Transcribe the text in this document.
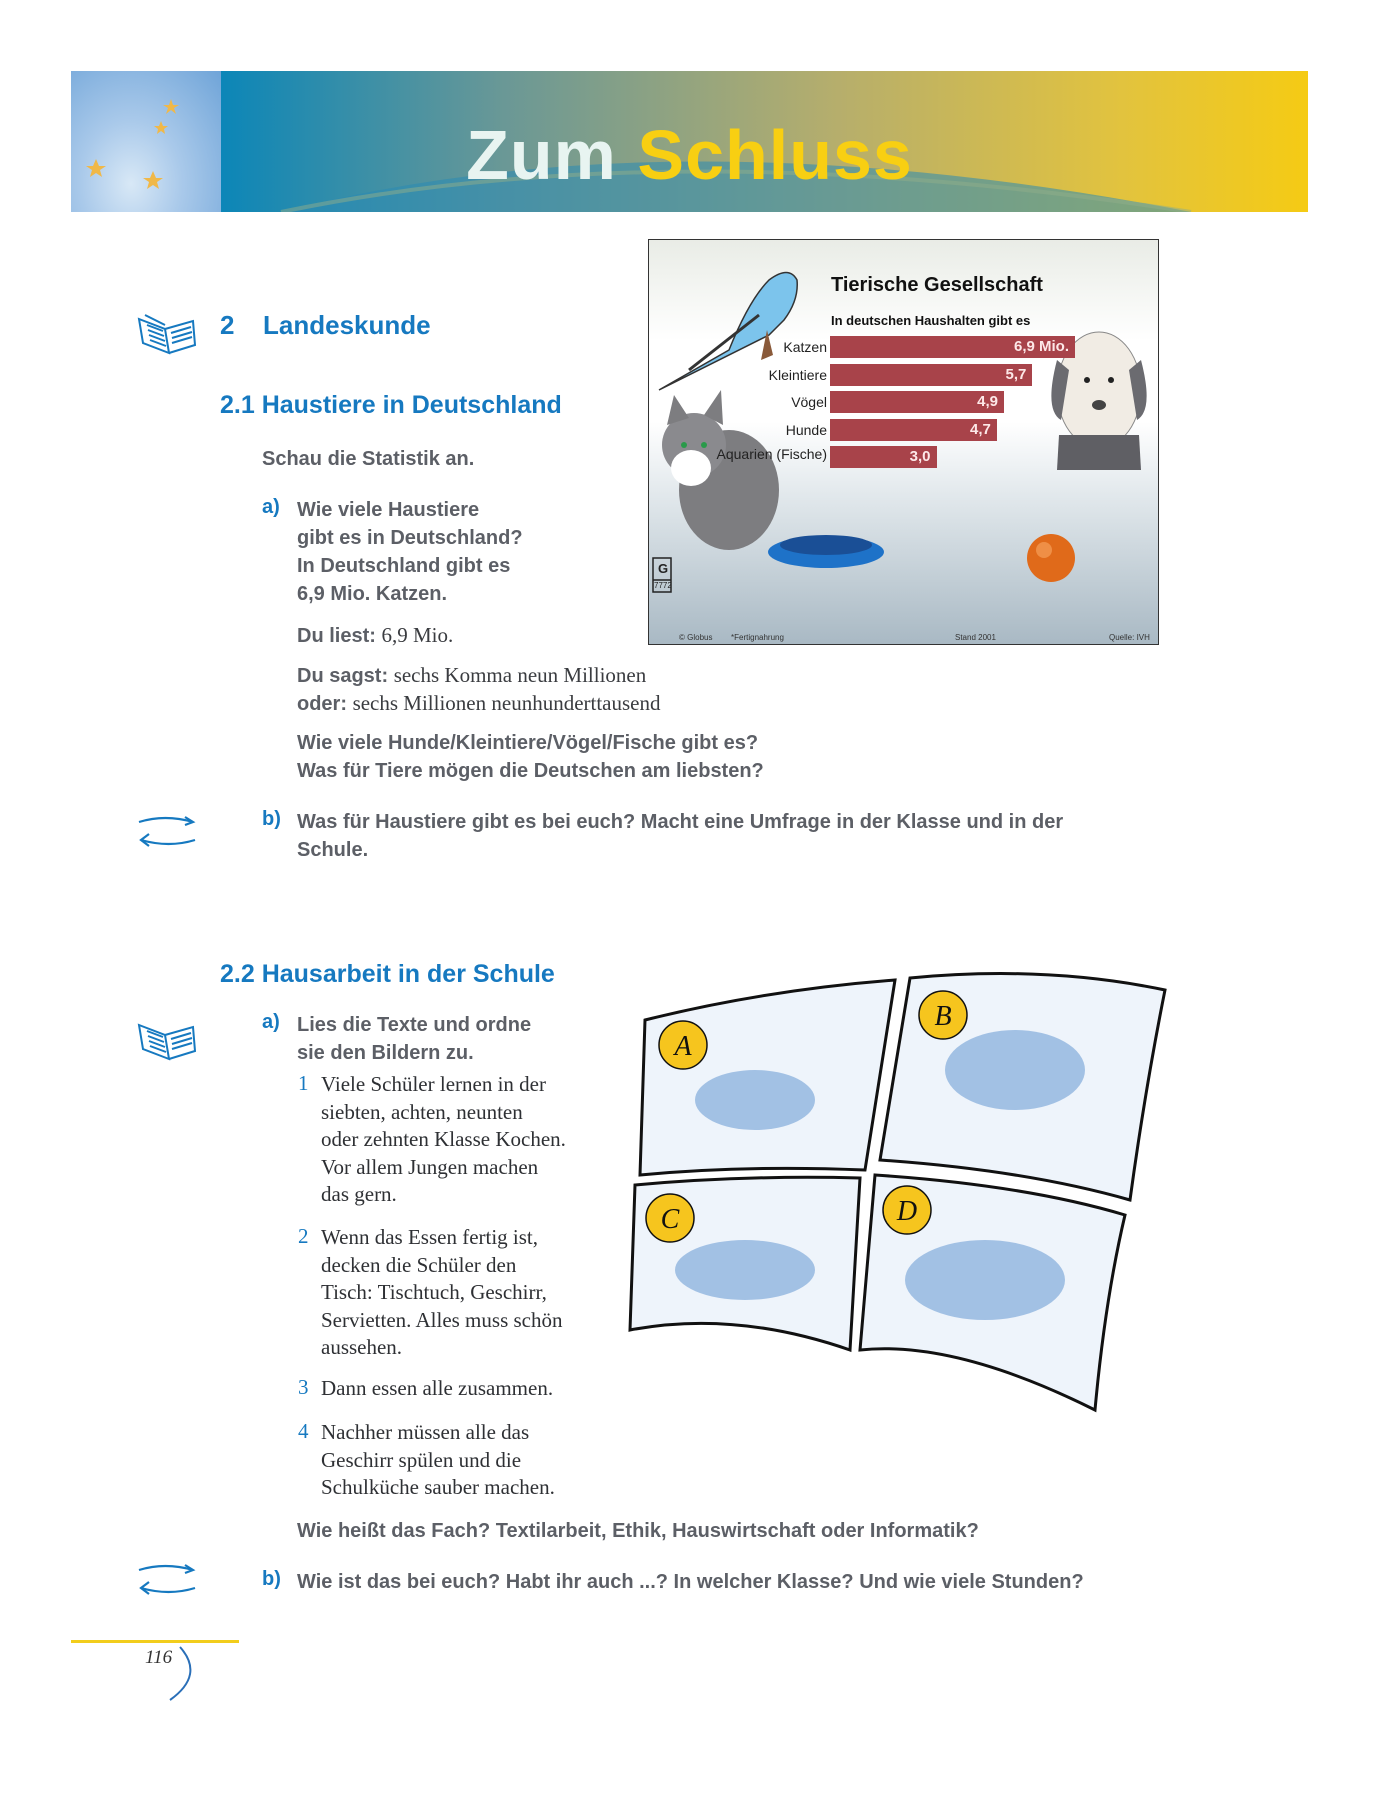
Zum Schluss
2 Landeskunde
2.1 Haustiere in Deutschland
Schau die Statistik an.
a) Wie viele Haustiere
gibt es in Deutschland?
In Deutschland gibt es
6,9 Mio. Katzen.
Du liest: 6,9 Mio.
Du sagst: sechs Komma neun Millionen
oder: sechs Millionen neunhunderttausend
Wie viele Hunde/Kleintiere/Vögel/Fische gibt es?
Was für Tiere mögen die Deutschen am liebsten?
b) Was für Haustiere gibt es bei euch? Macht eine Umfrage in der Klasse und in der
Schule.
G
7772
Tierische Gesellschaft
In deutschen Haushalten gibt es
Katzen	6,9 Mio.
Kleintiere	5,7
Vögel	4,9
Hunde	4,7
Aquarien (Fische)	3,0
© Globus *Fertignahrung	Stand 2001	Quelle: IVH
2.2 Hausarbeit in der Schule
a) Lies die Texte und ordne
sie den Bildern zu.
1 Viele Schüler lernen in der
siebten, achten, neunten
oder zehnten Klasse Kochen.
Vor allem Jungen machen
das gern.
2 Wenn das Essen fertig ist,
decken die Schüler den
Tisch: Tischtuch, Geschirr,
Servietten. Alles muss schön
aussehen.
3 Dann essen alle zusammen.
4 Nachher müssen alle das
Geschirr spülen und die
Schulküche sauber machen.
Wie heißt das Fach? Textilarbeit, Ethik, Hauswirtschaft oder Informatik?
b) Wie ist das bei euch? Habt ihr auch ...? In welcher Klasse? Und wie viele Stunden?
A
B
C	D
116
